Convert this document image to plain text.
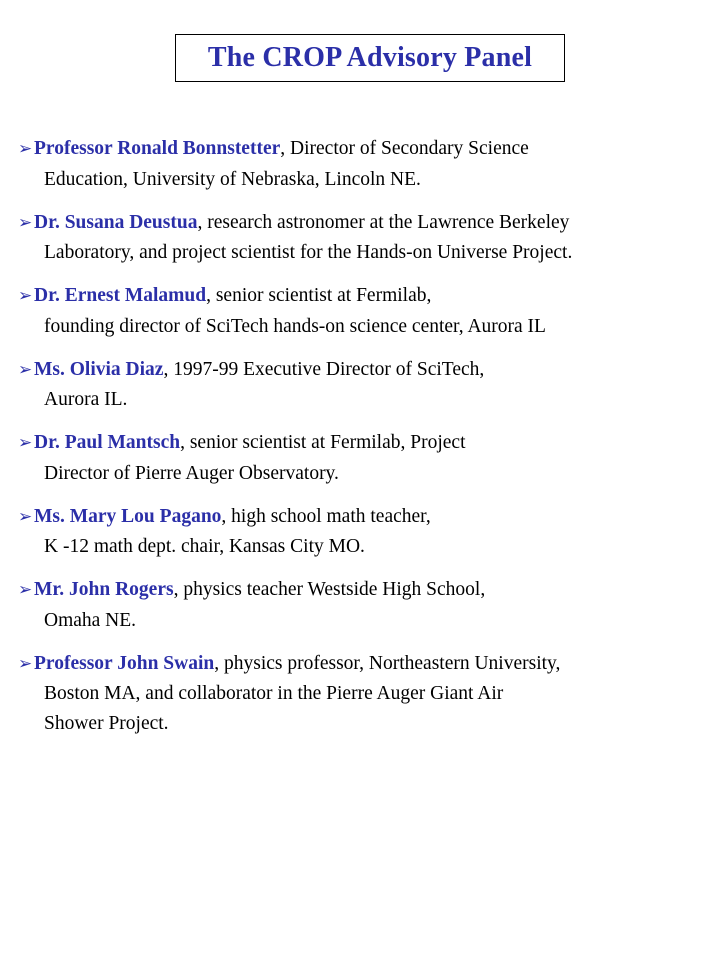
The CROP Advisory Panel
➢Professor Ronald Bonnstetter, Director of Secondary Science
Education, University of Nebraska, Lincoln NE.
➢Dr. Susana Deustua, research astronomer at the Lawrence Berkeley
Laboratory, and project scientist for the Hands-on Universe Project.
➢Dr. Ernest Malamud, senior scientist at Fermilab,
founding director of SciTech hands-on science center, Aurora IL
➢Ms. Olivia Diaz, 1997-99 Executive Director of SciTech,
Aurora IL.
➢Dr. Paul Mantsch, senior scientist at Fermilab, Project
Director of Pierre Auger Observatory.
➢Ms. Mary Lou Pagano, high school math teacher,
K -12 math dept. chair, Kansas City MO.
➢Mr. John Rogers, physics teacher Westside High School,
Omaha NE.
➢Professor John Swain, physics professor, Northeastern University,
Boston MA, and collaborator in the Pierre Auger Giant Air
Shower Project.
